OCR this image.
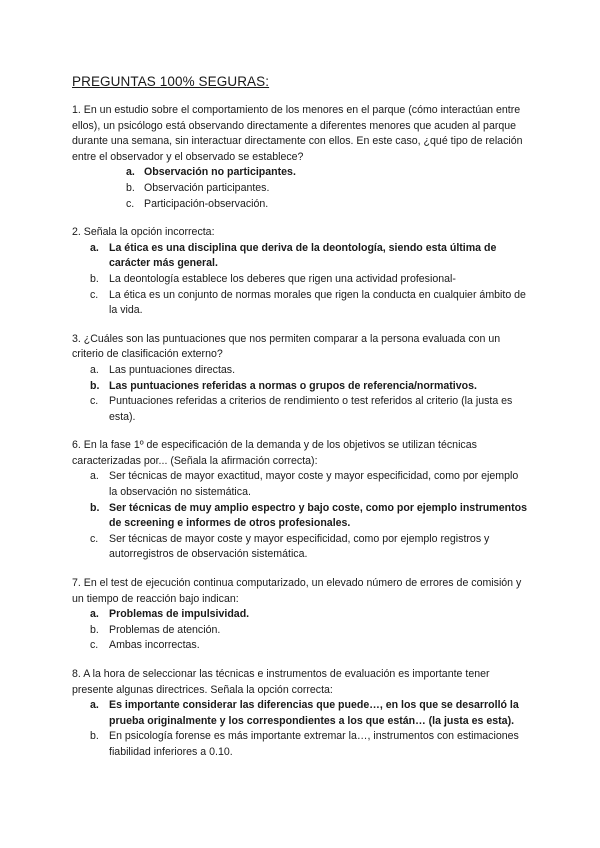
PREGUNTAS 100% SEGURAS:

1. En un estudio sobre el comportamiento de los menores en el parque (cómo interactúan entre ellos), un psicólogo está observando directamente a diferentes menores que acuden al parque durante una semana, sin interactuar directamente con ellos. En este caso, ¿qué tipo de relación entre el observador y el observado se establece?

a. Observación no participantes.
b. Observación participantes.
c. Participación-observación.

2. Señala la opción incorrecta:

a. La ética es una disciplina que deriva de la deontología, siendo esta última de carácter más general.
b. La deontología establece los deberes que rigen una actividad profesional-
c. La ética es un conjunto de normas morales que rigen la conducta en cualquier ámbito de la vida.

3. ¿Cuáles son las puntuaciones que nos permiten comparar a la persona evaluada con un criterio de clasificación externo?

a. Las puntuaciones directas.
b. Las puntuaciones referidas a normas o grupos de referencia/normativos.
c. Puntuaciones referidas a criterios de rendimiento o test referidos al criterio (la justa es esta).

6. En la fase 1º de especificación de la demanda y de los objetivos se utilizan técnicas caracterizadas por... (Señala la afirmación correcta):

a. Ser técnicas de mayor exactitud, mayor coste y mayor especificidad, como por ejemplo la observación no sistemática.
b. Ser técnicas de muy amplio espectro y bajo coste, como por ejemplo instrumentos de screening e informes de otros profesionales.
c. Ser técnicas de mayor coste y mayor especificidad, como por ejemplo registros y autorregistros de observación sistemática.

7. En el test de ejecución continua computarizado, un elevado número de errores de comisión y un tiempo de reacción bajo indican:

a. Problemas de impulsividad.
b. Problemas de atención.
c. Ambas incorrectas.

8. A la hora de seleccionar las técnicas e instrumentos de evaluación es importante tener presente algunas directrices. Señala la opción correcta:

a. Es importante considerar las diferencias que puede…, en los que se desarrolló la prueba originalmente y los correspondientes a los que están… (la justa es esta).
b. En psicología forense es más importante extremar la…, instrumentos con estimaciones fiabilidad inferiores a 0.10.
